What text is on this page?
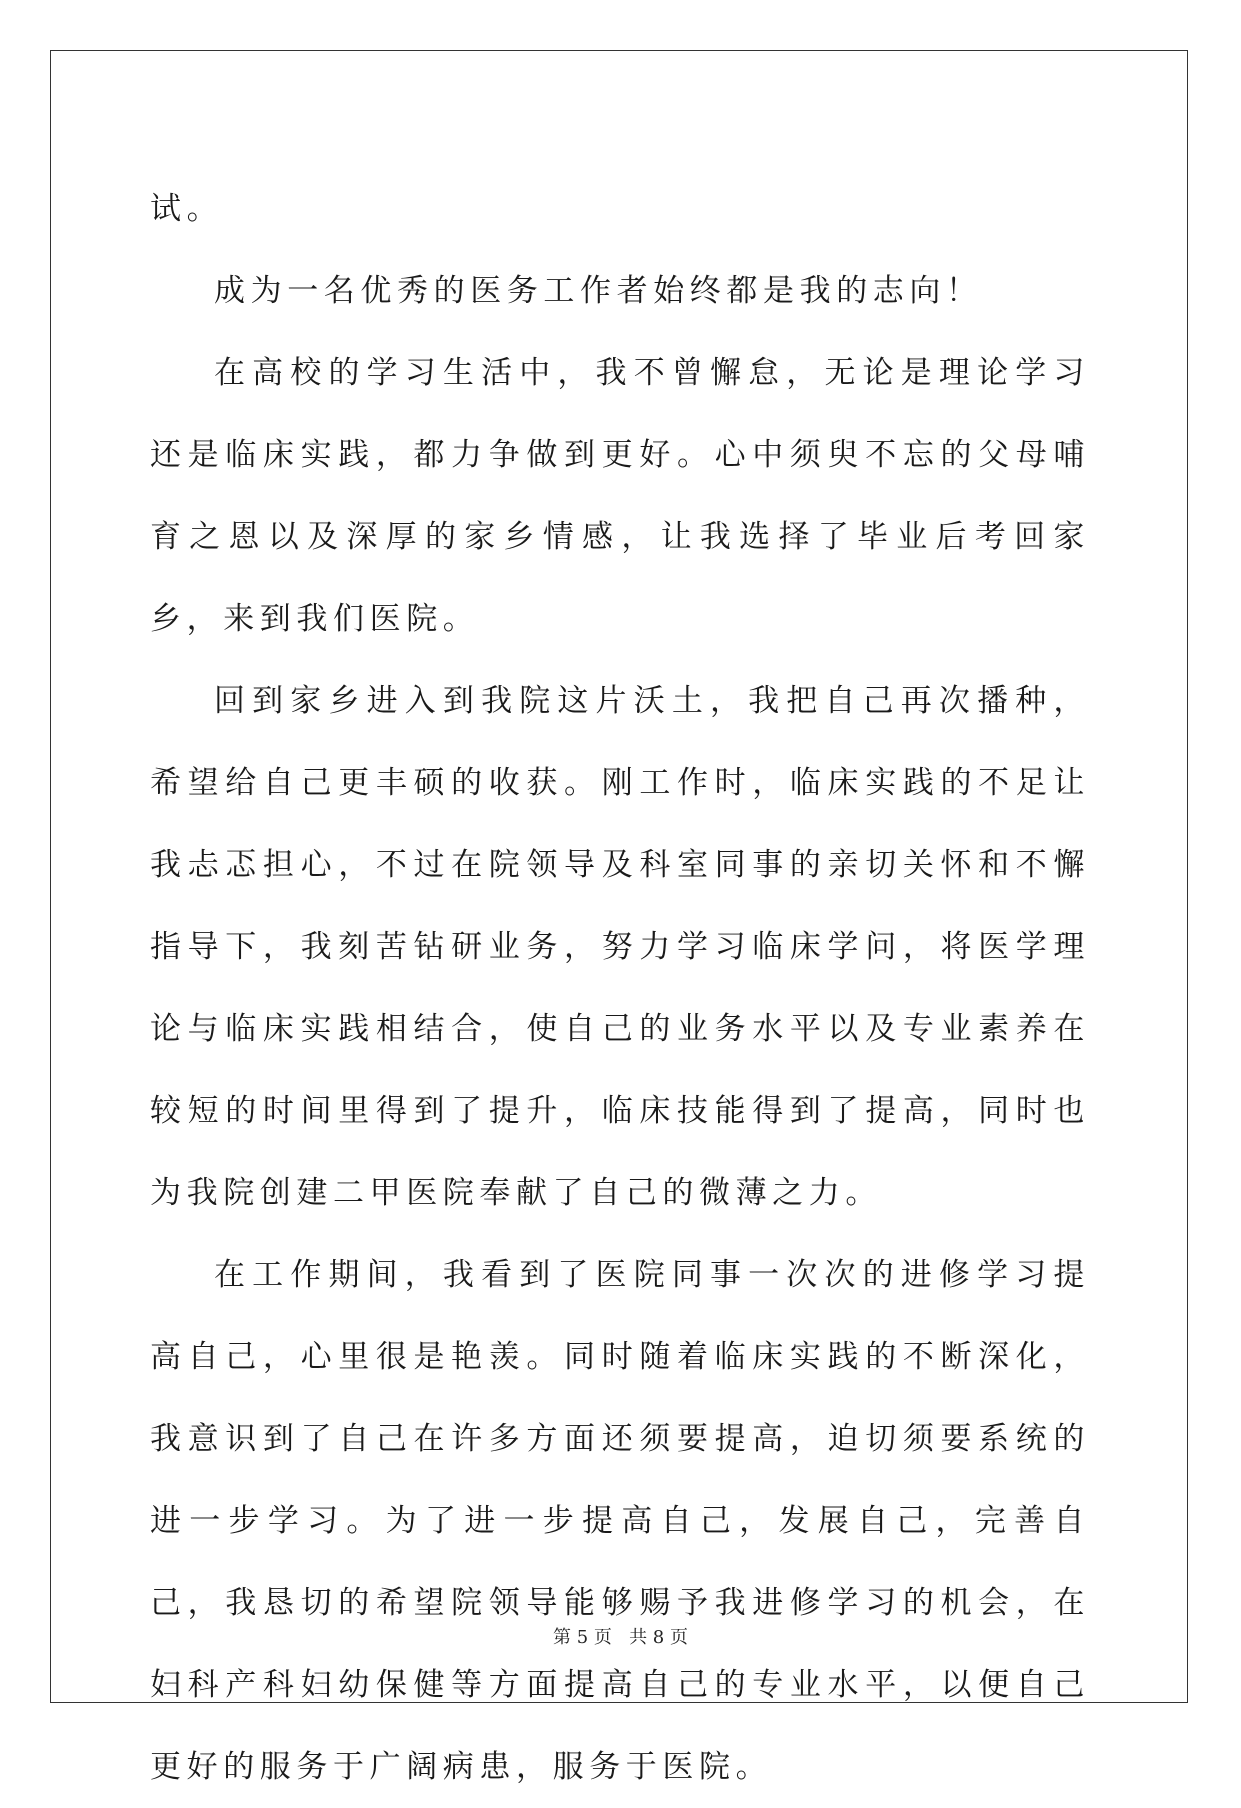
试。

成为一名优秀的医务工作者始终都是我的志向！

在高校的学习生活中，我不曾懈怠，无论是理论学习还是临床实践，都力争做到更好。心中须臾不忘的父母哺育之恩以及深厚的家乡情感，让我选择了毕业后考回家乡，来到我们医院。

回到家乡进入到我院这片沃土，我把自己再次播种，希望给自己更丰硕的收获。刚工作时，临床实践的不足让我忐忑担心，不过在院领导及科室同事的亲切关怀和不懈指导下，我刻苦钻研业务，努力学习临床学问，将医学理论与临床实践相结合，使自己的业务水平以及专业素养在较短的时间里得到了提升，临床技能得到了提高，同时也为我院创建二甲医院奉献了自己的微薄之力。

在工作期间，我看到了医院同事一次次的进修学习提高自己，心里很是艳羡。同时随着临床实践的不断深化，我意识到了自己在许多方面还须要提高，迫切须要系统的进一步学习。为了进一步提高自己，发展自己，完善自己，我恳切的希望院领导能够赐予我进修学习的机会，在妇科产科妇幼保健等方面提高自己的专业水平，以便自己更好的服务于广阔病患，服务于医院。

第 5 页   共 8 页
